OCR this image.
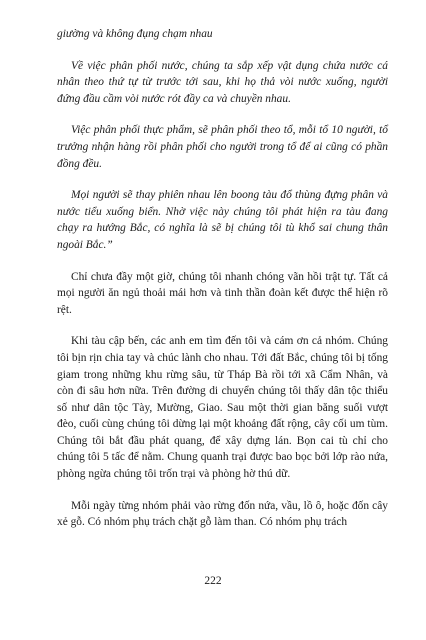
giường và không đụng chạm nhau

Về việc phân phối nước, chúng ta sắp xếp vật dụng chứa nước cá nhân theo thứ tự từ trước tới sau, khi họ thả vòi nước xuống, người đứng đầu cầm vòi nước rót đầy ca và chuyền nhau.

Việc phân phối thực phẩm, sẽ phân phối theo tổ, mỗi tổ 10 người, tổ trưởng nhận hàng rồi phân phối cho người trong tổ để ai cũng có phần đồng đều.

Mọi người sẽ thay phiên nhau lên boong tàu đổ thùng đựng phân và nước tiểu xuống biển. Nhờ việc này chúng tôi phát hiện ra tàu đang chạy ra hướng Bắc, có nghĩa là sẽ bị chúng tôi tù khổ sai chung thân ngoài Bắc.”

Chỉ chưa đầy một giờ, chúng tôi nhanh chóng vãn hồi trật tự. Tất cả mọi người ăn ngủ thoải mái hơn và tinh thần đoàn kết được thể hiện rõ rệt.

Khi tàu cập bến, các anh em tìm đến tôi và cám ơn cả nhóm. Chúng tôi bịn rịn chia tay và chúc lành cho nhau. Tới đất Bắc, chúng tôi bị tống giam trong những khu rừng sâu, từ Tháp Bà rồi tới xã Cẩm Nhân, và còn đi sâu hơn nữa. Trên đường di chuyển chúng tôi thấy dân tộc thiểu số như dân tộc Tày, Mường, Giao. Sau một thời gian băng suối vượt đèo, cuối cùng chúng tôi dừng lại một khoảng đất rộng, cây cối um tùm. Chúng tôi bắt đầu phát quang, để xây dựng lán. Bọn cai tù chỉ cho chúng tôi 5 tấc để nằm. Chung quanh trại được bao bọc bởi lớp rào nứa, phòng ngừa chúng tôi trốn trại và phòng hờ thú dữ.

Mỗi ngày từng nhóm phải vào rừng đốn nứa, vầu, lồ ô, hoặc đốn cây xẻ gỗ. Có nhóm phụ trách chặt gỗ làm than. Có nhóm phụ trách

222
